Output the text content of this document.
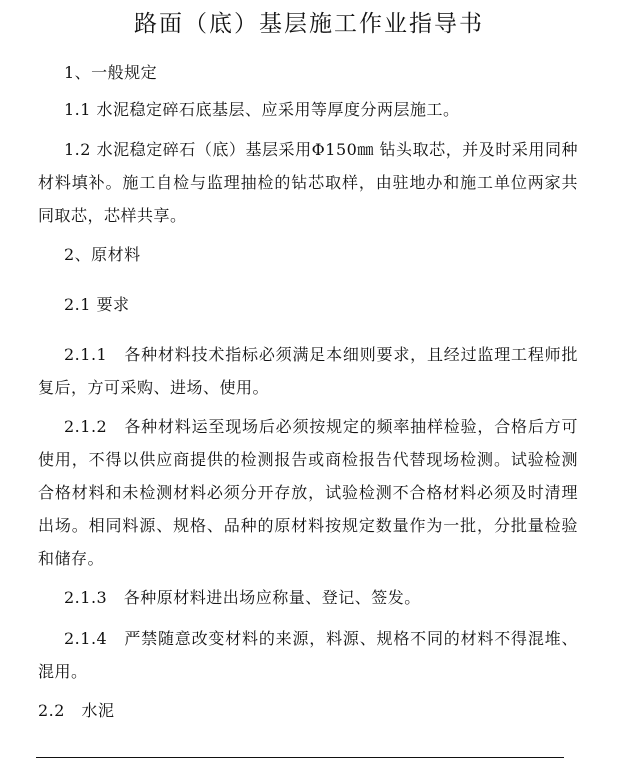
路面（底）基层施工作业指导书
1、一般规定
1.1 水泥稳定碎石底基层、应采用等厚度分两层施工。
1.2 水泥稳定碎石（底）基层采用Φ150㎜ 钻头取芯，并及时采用同种材料填补。施工自检与监理抽检的钻芯取样，由驻地办和施工单位两家共同取芯，芯样共享。
2、原材料
2.1 要求
2.1.1　各种材料技术指标必须满足本细则要求，且经过监理工程师批复后，方可采购、进场、使用。
2.1.2　各种材料运至现场后必须按规定的频率抽样检验，合格后方可使用，不得以供应商提供的检测报告或商检报告代替现场检测。试验检测合格材料和未检测材料必须分开存放，试验检测不合格材料必须及时清理出场。相同料源、规格、品种的原材料按规定数量作为一批，分批量检验和储存。
2.1.3　各种原材料进出场应称量、登记、签发。
2.1.4　严禁随意改变材料的来源，料源、规格不同的材料不得混堆、混用。
2.2　水泥
